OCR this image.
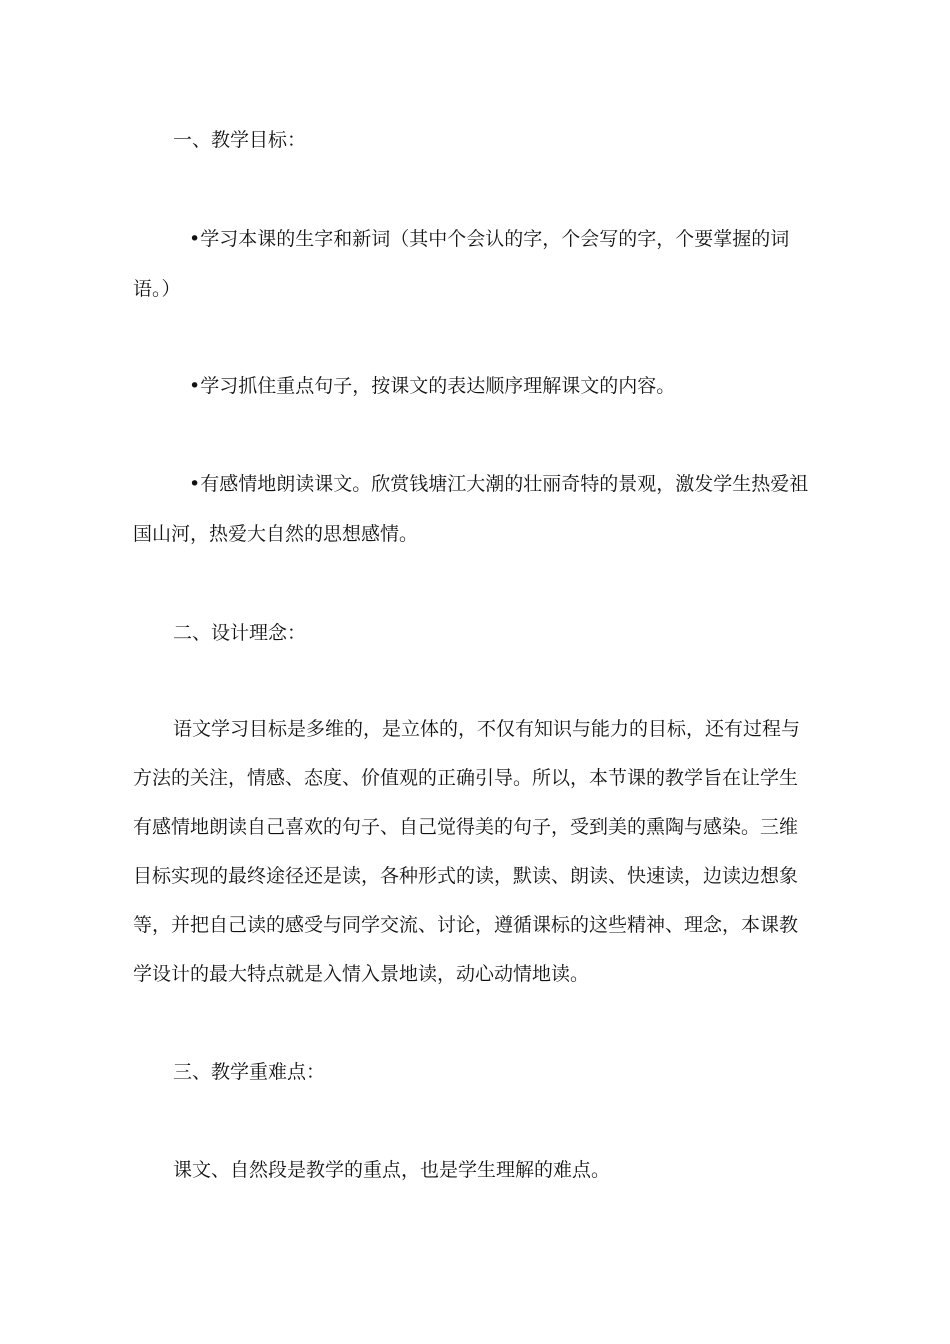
一、教学目标：
•学习本课的生字和新词（其中个会认的字，个会写的字，个要掌握的词
语。）
•学习抓住重点句子，按课文的表达顺序理解课文的内容。
•有感情地朗读课文。欣赏钱塘江大潮的壮丽奇特的景观，激发学生热爱祖
国山河，热爱大自然的思想感情。
二、设计理念：
语文学习目标是多维的，是立体的，不仅有知识与能力的目标，还有过程与
方法的关注，情感、态度、价值观的正确引导。所以，本节课的教学旨在让学生
有感情地朗读自己喜欢的句子、自己觉得美的句子，受到美的熏陶与感染。三维
目标实现的最终途径还是读，各种形式的读，默读、朗读、快速读，边读边想象
等，并把自己读的感受与同学交流、讨论，遵循课标的这些精神、理念，本课教
学设计的最大特点就是入情入景地读，动心动情地读。
三、教学重难点：
课文、自然段是教学的重点，也是学生理解的难点。
